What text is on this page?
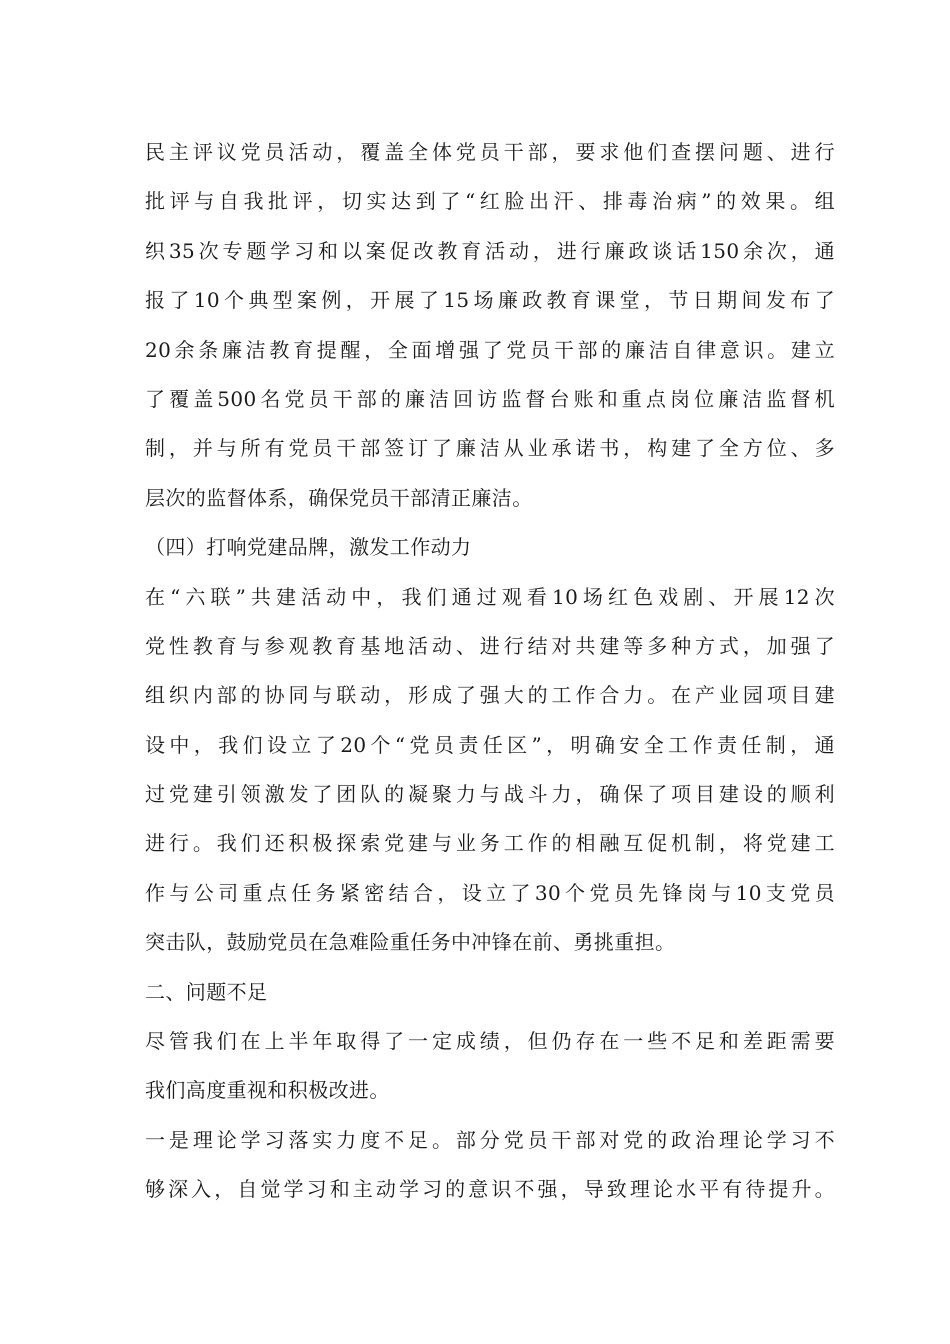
民主评议党员活动，覆盖全体党员干部，要求他们查摆问题、进行
批评与自我批评，切实达到了“红脸出汗、排毒治病”的效果。组
织35次专题学习和以案促改教育活动，进行廉政谈话150余次，通
报了10个典型案例，开展了15场廉政教育课堂，节日期间发布了
20余条廉洁教育提醒，全面增强了党员干部的廉洁自律意识。建立
了覆盖500名党员干部的廉洁回访监督台账和重点岗位廉洁监督机
制，并与所有党员干部签订了廉洁从业承诺书，构建了全方位、多
层次的监督体系，确保党员干部清正廉洁。
（四）打响党建品牌，激发工作动力
在“六联”共建活动中，我们通过观看10场红色戏剧、开展12次
党性教育与参观教育基地活动、进行结对共建等多种方式，加强了
组织内部的协同与联动，形成了强大的工作合力。在产业园项目建
设中，我们设立了20个“党员责任区”，明确安全工作责任制，通
过党建引领激发了团队的凝聚力与战斗力，确保了项目建设的顺利
进行。我们还积极探索党建与业务工作的相融互促机制，将党建工
作与公司重点任务紧密结合，设立了30个党员先锋岗与10支党员
突击队，鼓励党员在急难险重任务中冲锋在前、勇挑重担。
二、问题不足
尽管我们在上半年取得了一定成绩，但仍存在一些不足和差距需要
我们高度重视和积极改进。
一是理论学习落实力度不足。部分党员干部对党的政治理论学习不
够深入，自觉学习和主动学习的意识不强，导致理论水平有待提升。
